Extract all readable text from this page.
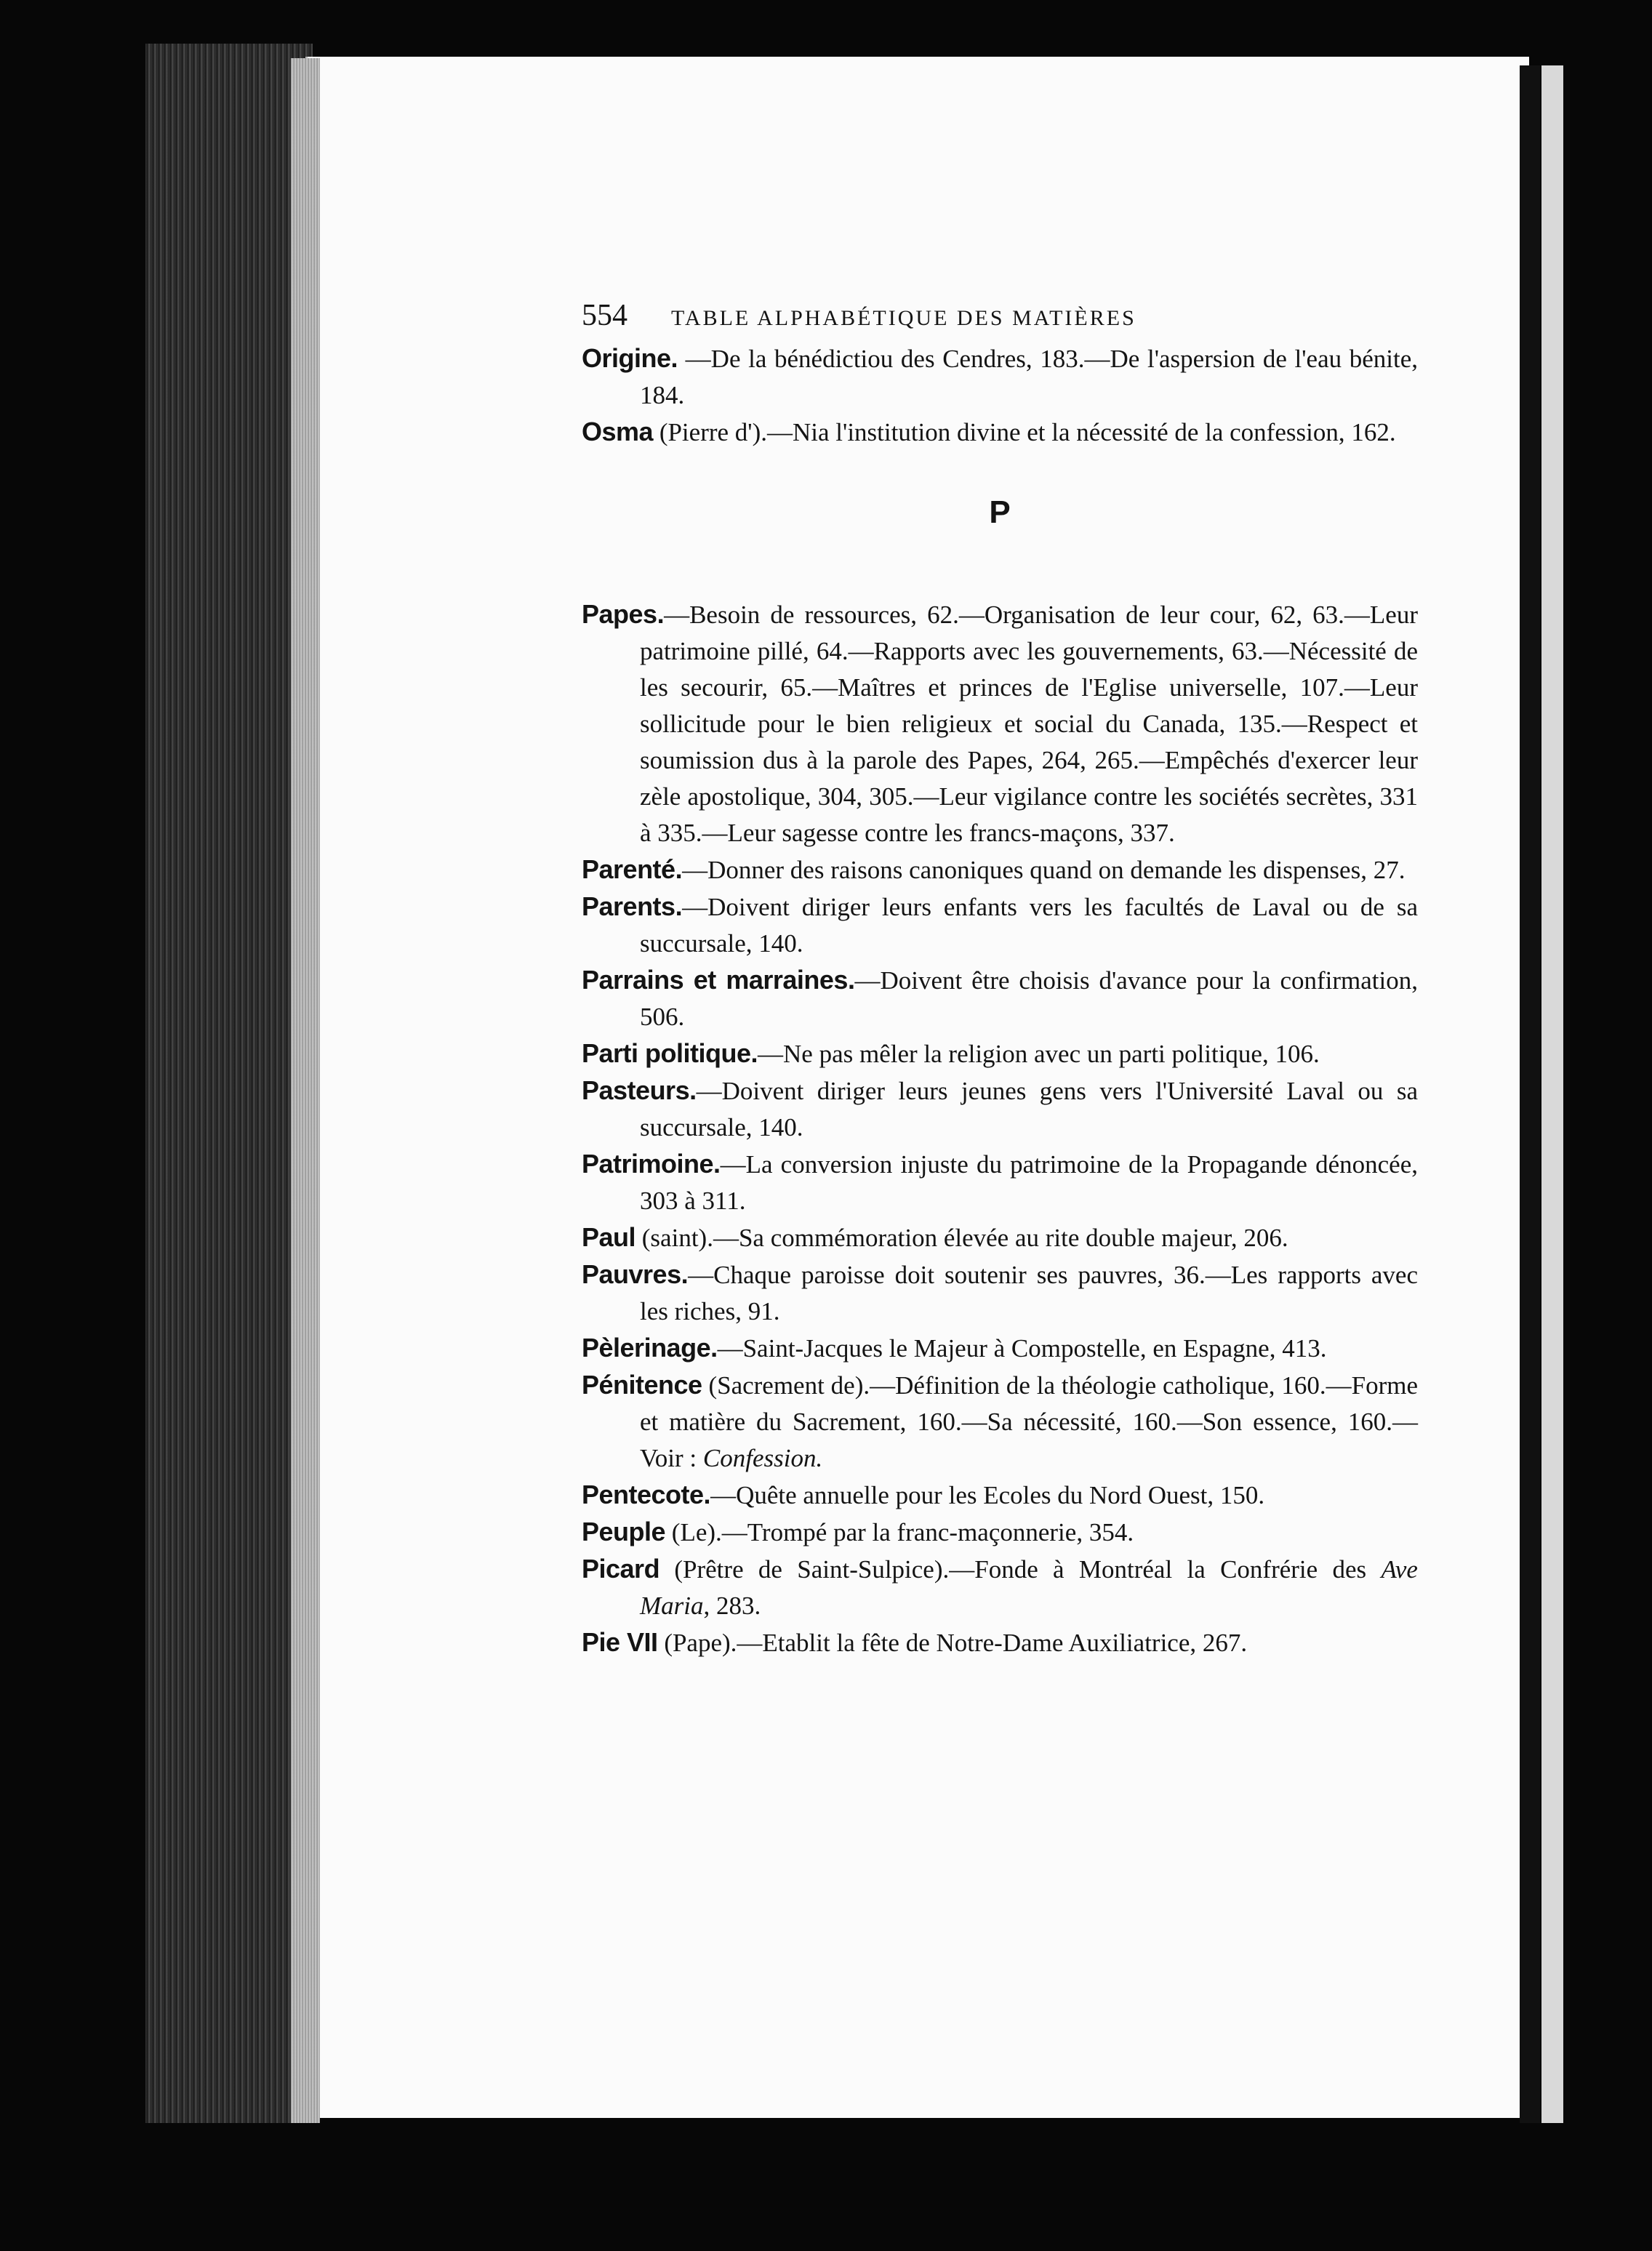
554 TABLE ALPHABÉTIQUE DES MATIÈRES

Origine. —De la bénédictiou des Cendres, 183.—De l'aspersion de l'eau bénite, 184.

Osma (Pierre d').—Nia l'institution divine et la nécessité de la confession, 162.

P

Papes.—Besoin de ressources, 62.—Organisation de leur cour, 62, 63.—Leur patrimoine pillé, 64.—Rapports avec les gouvernements, 63.—Nécessité de les secourir, 65.—Maîtres et princes de l'Eglise universelle, 107.—Leur sollicitude pour le bien religieux et social du Canada, 135.—Respect et soumission dus à la parole des Papes, 264, 265.—Empêchés d'exercer leur zèle apostolique, 304, 305.—Leur vigilance contre les sociétés secrètes, 331 à 335.—Leur sagesse contre les francs-maçons, 337.

Parenté.—Donner des raisons canoniques quand on demande les dispenses, 27.

Parents.—Doivent diriger leurs enfants vers les facultés de Laval ou de sa succursale, 140.

Parrains et marraines.—Doivent être choisis d'avance pour la confirmation, 506.

Parti politique.—Ne pas mêler la religion avec un parti politique, 106.

Pasteurs.—Doivent diriger leurs jeunes gens vers l'Université Laval ou sa succursale, 140.

Patrimoine.—La conversion injuste du patrimoine de la Propagande dénoncée, 303 à 311.

Paul (saint).—Sa commémoration élevée au rite double majeur, 206.

Pauvres.—Chaque paroisse doit soutenir ses pauvres, 36.—Les rapports avec les riches, 91.

Pèlerinage.—Saint-Jacques le Majeur à Compostelle, en Espagne, 413.

Pénitence (Sacrement de).—Définition de la théologie catholique, 160.—Forme et matière du Sacrement, 160.—Sa nécessité, 160.—Son essence, 160.—Voir : Confession.

Pentecote.—Quête annuelle pour les Ecoles du Nord Ouest, 150.

Peuple (Le).—Trompé par la franc-maçonnerie, 354.

Picard (Prêtre de Saint-Sulpice).—Fonde à Montréal la Confrérie des Ave Maria, 283.

Pie VII (Pape).—Etablit la fête de Notre-Dame Auxiliatrice, 267.
